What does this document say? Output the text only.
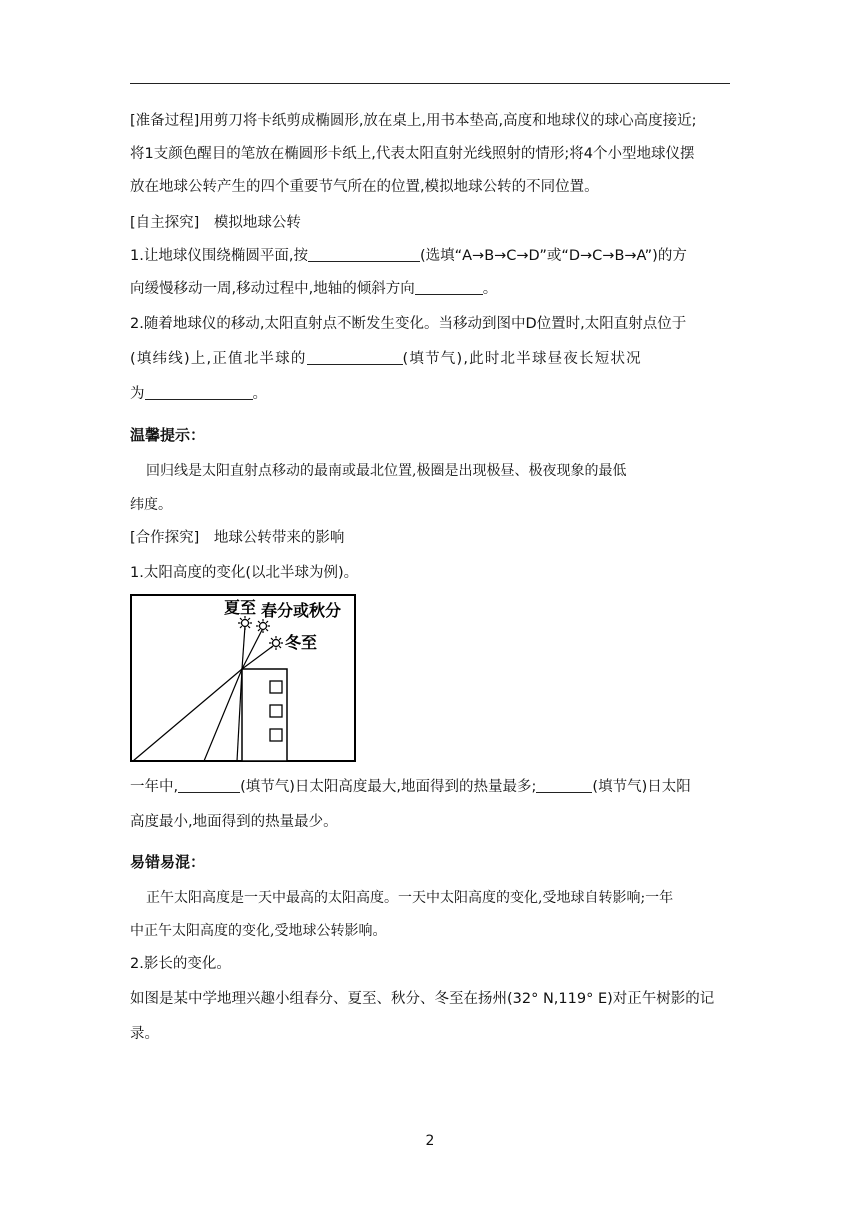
[准备过程]用剪刀将卡纸剪成椭圆形,放在桌上,用书本垫高,高度和地球仪的球心高度接近;
将1支颜色醒目的笔放在椭圆形卡纸上,代表太阳直射光线照射的情形;将4个小型地球仪摆
放在地球公转产生的四个重要节气所在的位置,模拟地球公转的不同位置。
[自主探究]　模拟地球公转
1.让地球仪围绕椭圆平面,按	(选填“A→B→C→D”或“D→C→B→A”)的方
向缓慢移动一周,移动过程中,地轴的倾斜方向	。
2.随着地球仪的移动,太阳直射点不断发生变化。当移动到图中D位置时,太阳直射点位于
(填纬线)上,正值北半球的	(填节气),此时北半球昼夜长短状况
为	。
温馨提示：
回归线是太阳直射点移动的最南或最北位置,极圈是出现极昼、极夜现象的最低
纬度。
[合作探究]　地球公转带来的影响
1.太阳高度的变化(以北半球为例)。
夏至 春分或秋分
冬至
一年中,	(填节气)日太阳高度最大,地面得到的热量最多;	(填节气)日太阳
高度最小,地面得到的热量最少。
易错易混：
正午太阳高度是一天中最高的太阳高度。一天中太阳高度的变化,受地球自转影响;一年
中正午太阳高度的变化,受地球公转影响。
2.影长的变化。
如图是某中学地理兴趣小组春分、夏至、秋分、冬至在扬州(32° N,119° E)对正午树影的记
录。
2
